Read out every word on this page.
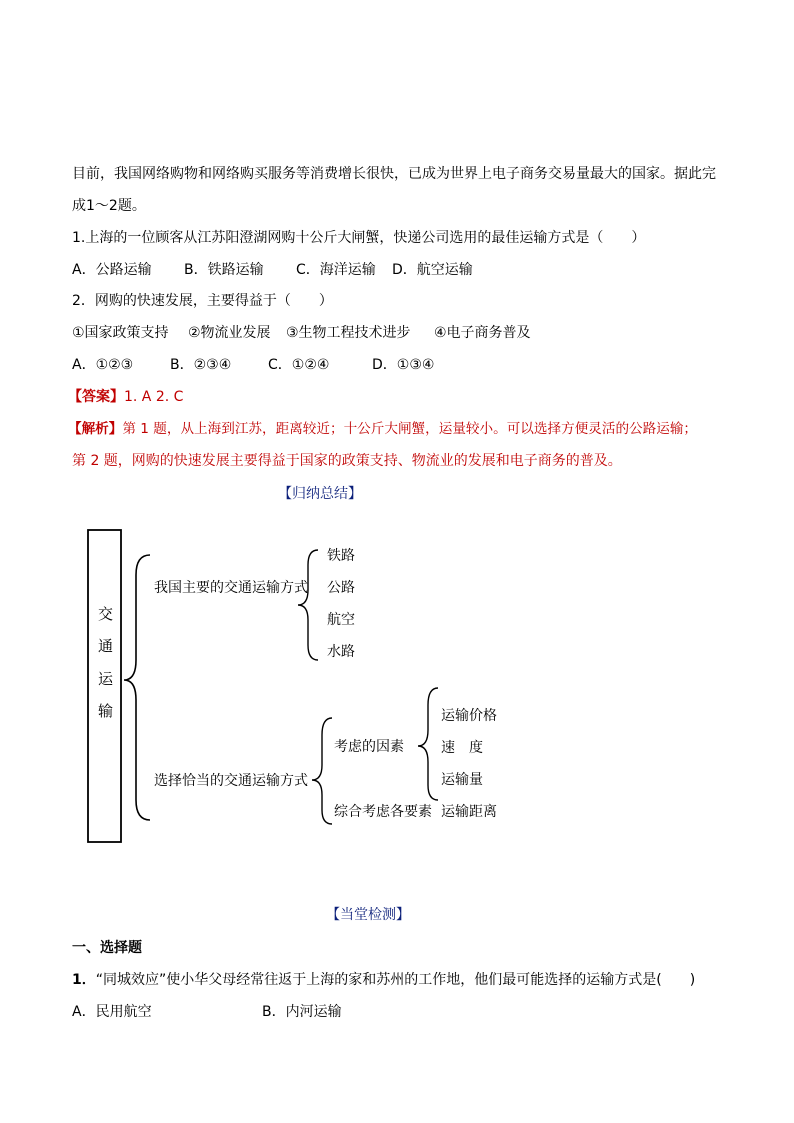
目前，我国网络购物和网络购买服务等消费增长很快，已成为世界上电子商务交易量最大的国家。据此完
成1～2题。
1.上海的一位顾客从江苏阳澄湖网购十公斤大闸蟹，快递公司选用的最佳运输方式是（　　）
A．公路运输 B．铁路运输 C．海洋运输 D．航空运输
2．网购的快速发展，主要得益于（　　）
①国家政策支持 ②物流业发展 ③生物工程技术进步 ④电子商务普及
A．①②③	B．②③④	C．①②④	D．①③④
【答案】1. A 2. C
【解析】第 1 题，从上海到江苏，距离较近；十公斤大闸蟹，运量较小。可以选择方便灵活的公路运输；
第 2 题，网购的快速发展主要得益于国家的政策支持、物流业的发展和电子商务的普及。
【归纳总结】
交
通
运
输
我国主要的交通运输方式
铁路
公路
航空
水路
选择恰当的交通运输方式
考虑的因素
运输价格
速　度
运输量
综合考虑各要素 运输距离
【当堂检测】
一、选择题
1．“同城效应”使小华父母经常往返于上海的家和苏州的工作地，他们最可能选择的运输方式是(　　)
A．民用航空	B．内河运输
